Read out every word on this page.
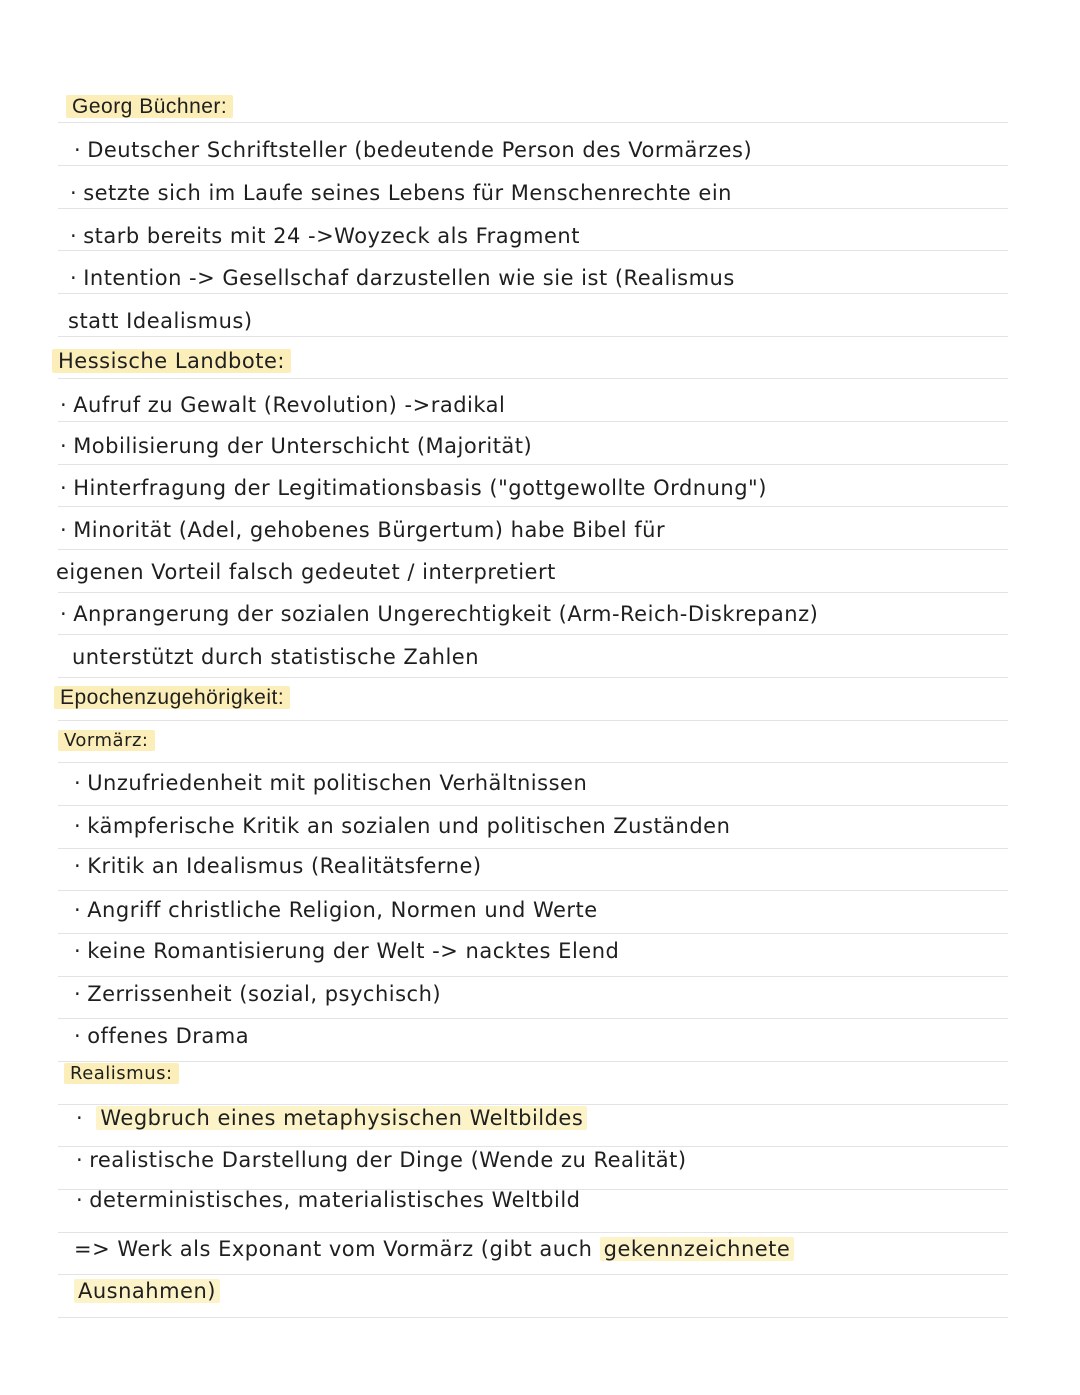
Georg Büchner:
· Deutscher Schriftsteller (bedeutende Person des Vormärzes)
· setzte sich im Laufe seines Lebens für Menschenrechte ein
· starb bereits mit 24 ->Woyzeck als Fragment
· Intention -> Gesellschaf darzustellen wie sie ist (Realismus
statt Idealismus)
Hessische Landbote:
· Aufruf zu Gewalt (Revolution) ->radikal
· Mobilisierung der Unterschicht (Majorität)
· Hinterfragung der Legitimationsbasis ("gottgewollte Ordnung")
· Minorität (Adel, gehobenes Bürgertum) habe Bibel für
eigenen Vorteil falsch gedeutet / interpretiert
· Anprangerung der sozialen Ungerechtigkeit (Arm-Reich-Diskrepanz)
unterstützt durch statistische Zahlen
Epochenzugehörigkeit:
Vormärz:
· Unzufriedenheit mit politischen Verhältnissen
· kämpferische Kritik an sozialen und politischen Zuständen
· Kritik an Idealismus (Realitätsferne)
· Angriff christliche Religion, Normen und Werte
· keine Romantisierung der Welt -> nacktes Elend
· Zerrissenheit (sozial, psychisch)
· offenes Drama
Realismus:
· Wegbruch eines metaphysischen Weltbildes
· realistische Darstellung der Dinge (Wende zu Realität)
· deterministisches, materialistisches Weltbild
=> Werk als Exponant vom Vormärz (gibt auch gekennzeichnete
Ausnahmen)
